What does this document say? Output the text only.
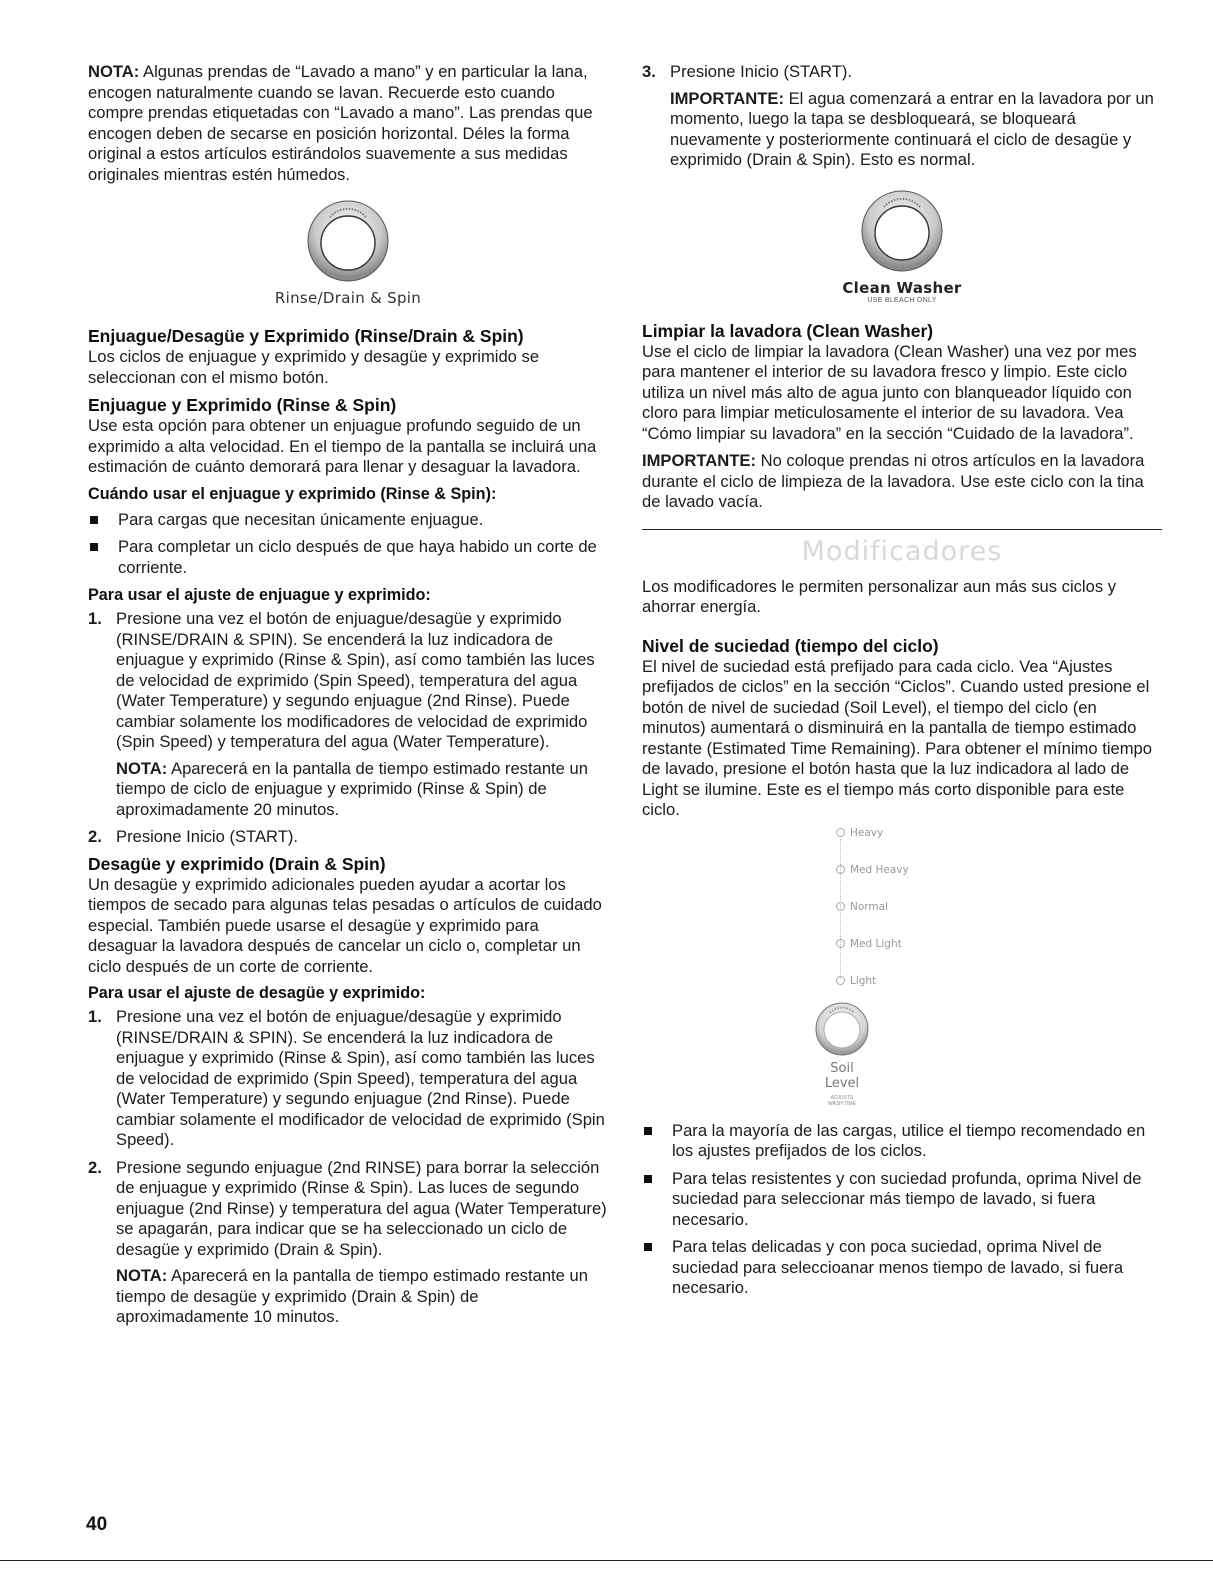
NOTA: Algunas prendas de “Lavado a mano” y en particular la lana, encogen naturalmente cuando se lavan. Recuerde esto cuando compre prendas etiquetadas con “Lavado a mano”. Las prendas que encogen deben de secarse en posición horizontal. Déles la forma original a estos artículos estirándolos suavemente a sus medidas originales mientras estén húmedos.

Rinse/Drain & Spin
Enjuague/Desagüe y Exprimido (Rinse/Drain & Spin)

Los ciclos de enjuague y exprimido y desagüe y exprimido se seleccionan con el mismo botón.

Enjuague y Exprimido (Rinse & Spin)

Use esta opción para obtener un enjuague profundo seguido de un exprimido a alta velocidad. En el tiempo de la pantalla se incluirá una estimación de cuánto demorará para llenar y desaguar la lavadora.

Cuándo usar el enjuague y exprimido (Rinse & Spin):
Para cargas que necesitan únicamente enjuague.
Para completar un ciclo después de que haya habido un corte de corriente.
Para usar el ajuste de enjuague y exprimido:
1. Presione una vez el botón de enjuague/desagüe y exprimido (RINSE/DRAIN & SPIN). Se encenderá la luz indicadora de enjuague y exprimido (Rinse & Spin), así como también las luces de velocidad de exprimido (Spin Speed), temperatura del agua (Water Temperature) y segundo enjuague (2nd Rinse). Puede cambiar solamente los modificadores de velocidad de exprimido (Spin Speed) y temperatura del agua (Water Temperature).

NOTA: Aparecerá en la pantalla de tiempo estimado restante un tiempo de ciclo de enjuague y exprimido (Rinse & Spin) de aproximadamente 20 minutos.

2. Presione Inicio (START).
Desagüe y exprimido (Drain & Spin)

Un desagüe y exprimido adicionales pueden ayudar a acortar los tiempos de secado para algunas telas pesadas o artículos de cuidado especial. También puede usarse el desagüe y exprimido para desaguar la lavadora después de cancelar un ciclo o, completar un ciclo después de un corte de corriente.

Para usar el ajuste de desagüe y exprimido:
1. Presione una vez el botón de enjuague/desagüe y exprimido (RINSE/DRAIN & SPIN). Se encenderá la luz indicadora de enjuague y exprimido (Rinse & Spin), así como también las luces de velocidad de exprimido (Spin Speed), temperatura del agua (Water Temperature) y segundo enjuague (2nd Rinse). Puede cambiar solamente el modificador de velocidad de exprimido (Spin Speed).
2. Presione segundo enjuague (2nd RINSE) para borrar la selección de enjuague y exprimido (Rinse & Spin). Las luces de segundo enjuague (2nd Rinse) y temperatura del agua (Water Temperature) se apagarán, para indicar que se ha seleccionado un ciclo de desagüe y exprimido (Drain & Spin).

NOTA: Aparecerá en la pantalla de tiempo estimado restante un tiempo de desagüe y exprimido (Drain & Spin) de aproximadamente 10 minutos.

3. Presione Inicio (START).

IMPORTANTE: El agua comenzará a entrar en la lavadora por un momento, luego la tapa se desbloqueará, se bloqueará nuevamente y posteriormente continuará el ciclo de desagüe y exprimido (Drain & Spin). Esto es normal.

Clean Washer
USE BLEACH ONLY
Limpiar la lavadora (Clean Washer)

Use el ciclo de limpiar la lavadora (Clean Washer) una vez por mes para mantener el interior de su lavadora fresco y limpio. Este ciclo utiliza un nivel más alto de agua junto con blanqueador líquido con cloro para limpiar meticulosamente el interior de su lavadora. Vea “Cómo limpiar su lavadora” en la sección “Cuidado de la lavadora”.

IMPORTANTE: No coloque prendas ni otros artículos en la lavadora durante el ciclo de limpieza de la lavadora. Use este ciclo con la tina de lavado vacía.

Modificadores

Los modificadores le permiten personalizar aun más sus ciclos y ahorrar energía.

Nivel de suciedad (tiempo del ciclo)

El nivel de suciedad está prefijado para cada ciclo. Vea “Ajustes prefijados de ciclos” en la sección “Ciclos”. Cuando usted presione el botón de nivel de suciedad (Soil Level), el tiempo del ciclo (en minutos) aumentará o disminuirá en la pantalla de tiempo estimado restante (Estimated Time Remaining). Para obtener el mínimo tiempo de lavado, presione el botón hasta que la luz indicadora al lado de Light se ilumine. Este es el tiempo más corto disponible para este ciclo.

Heavy
Med Heavy
Normal
Med Light
Light
Soil
Level
ADJUSTS
WASH TIME
Para la mayoría de las cargas, utilice el tiempo recomendado en los ajustes prefijados de los ciclos.
Para telas resistentes y con suciedad profunda, oprima Nivel de suciedad para seleccionar más tiempo de lavado, si fuera necesario.
Para telas delicadas y con poca suciedad, oprima Nivel de suciedad para seleccioanar menos tiempo de lavado, si fuera necesario.
40
